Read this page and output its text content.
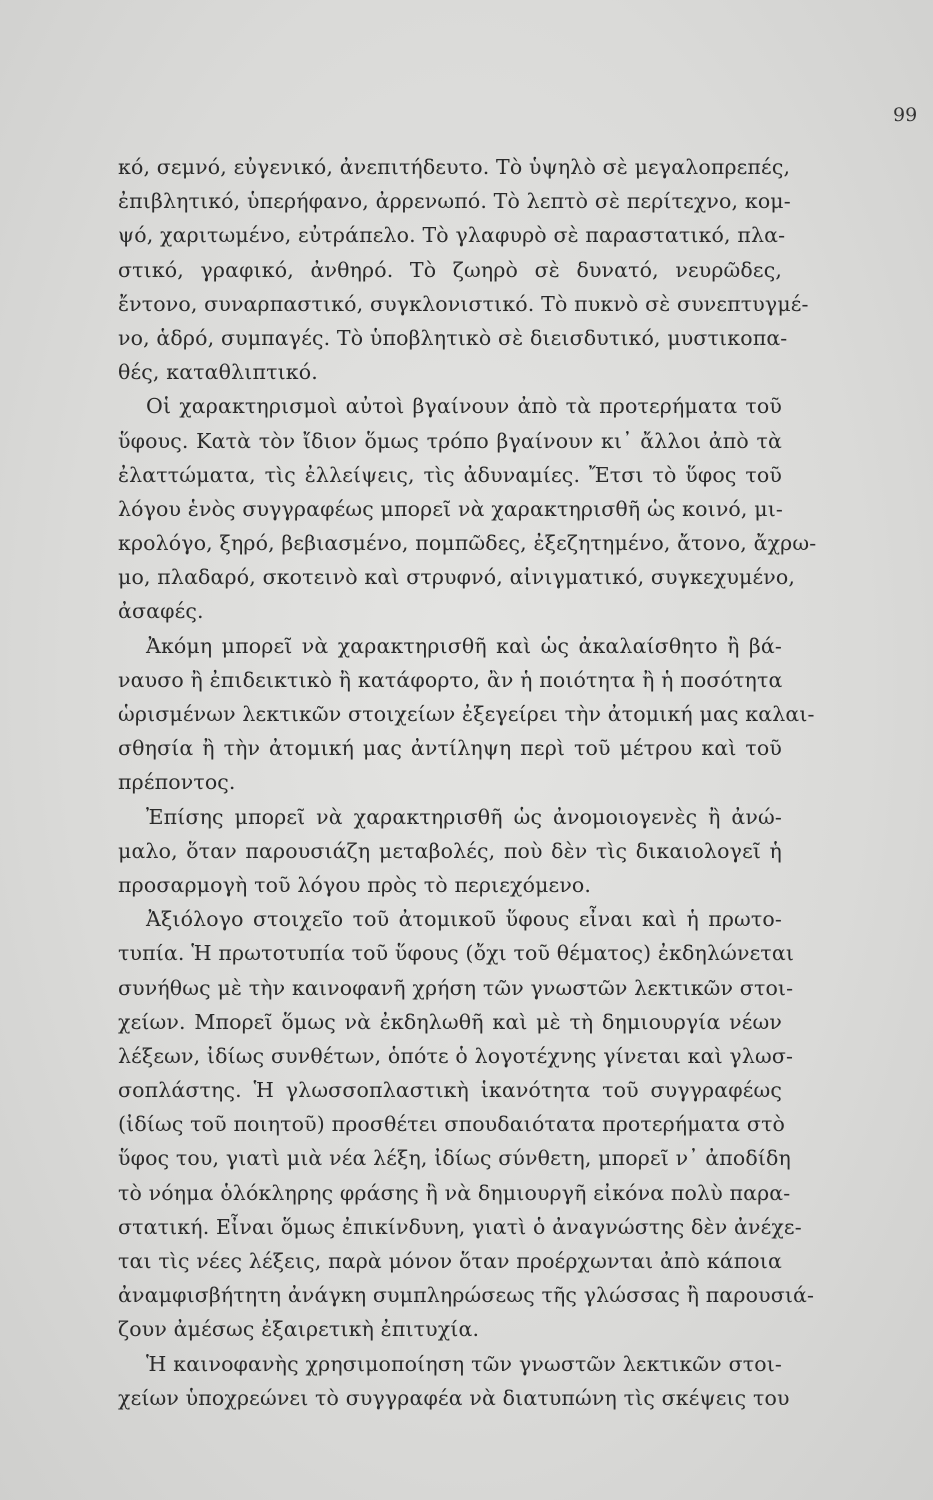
99
κό, σεμνό, εὐγενικό, ἀνεπιτήδευτο. Τὸ ὑψηλὸ σὲ μεγαλοπρεπές,
ἐπιβλητικό, ὑπερήφανο, ἀρρενωπό. Τὸ λεπτὸ σὲ περίτεχνο, κομ-
ψό, χαριτωμένο, εὐτράπελο. Τὸ γλαφυρὸ σὲ παραστατικό, πλα-
στικό, γραφικό, ἀνθηρό. Τὸ ζωηρὸ σὲ δυνατό, νευρῶδες,
ἔντονο, συναρπαστικό, συγκλονιστικό. Τὸ πυκνὸ σὲ συνεπτυγμέ-
νο, ἁδρό, συμπαγές. Τὸ ὑποβλητικὸ σὲ διεισδυτικό, μυστικοπα-
θές, καταθλιπτικό.
Οἱ χαρακτηρισμοὶ αὐτοὶ βγαίνουν ἀπὸ τὰ προτερήματα τοῦ
ὕφους. Κατὰ τὸν ἴδιον ὅμως τρόπο βγαίνουν κι᾽ ἄλλοι ἀπὸ τὰ
ἐλαττώματα, τὶς ἐλλείψεις, τὶς ἀδυναμίες. Ἔτσι τὸ ὕφος τοῦ
λόγου ἑνὸς συγγραφέως μπορεῖ νὰ χαρακτηρισθῆ ὡς κοινό, μι-
κρολόγο, ξηρό, βεβιασμένο, πομπῶδες, ἐξεζητημένο, ἄτονο, ἄχρω-
μο, πλαδαρό, σκοτεινὸ καὶ στρυφνό, αἰνιγματικό, συγκεχυμένο,
ἀσαφές.
Ἀκόμη μπορεῖ νὰ χαρακτηρισθῆ καὶ ὡς ἀκαλαίσθητο ἢ βά-
ναυσο ἢ ἐπιδεικτικὸ ἢ κατάφορτο, ἂν ἡ ποιότητα ἢ ἡ ποσότητα
ὡρισμένων λεκτικῶν στοιχείων ἐξεγείρει τὴν ἀτομική μας καλαι-
σθησία ἢ τὴν ἀτομική μας ἀντίληψη περὶ τοῦ μέτρου καὶ τοῦ
πρέποντος.
Ἐπίσης μπορεῖ νὰ χαρακτηρισθῆ ὡς ἀνομοιογενὲς ἢ ἀνώ-
μαλο, ὅταν παρουσιάζη μεταβολές, ποὺ δὲν τὶς δικαιολογεῖ ἡ
προσαρμογὴ τοῦ λόγου πρὸς τὸ περιεχόμενο.
Ἀξιόλογο στοιχεῖο τοῦ ἀτομικοῦ ὕφους εἶναι καὶ ἡ πρωτο-
τυπία. Ἡ πρωτοτυπία τοῦ ὕφους (ὄχι τοῦ θέματος) ἐκδηλώνεται
συνήθως μὲ τὴν καινοφανῆ χρήση τῶν γνωστῶν λεκτικῶν στοι-
χείων. Μπορεῖ ὅμως νὰ ἐκδηλωθῆ καὶ μὲ τὴ δημιουργία νέων
λέξεων, ἰδίως συνθέτων, ὁπότε ὁ λογοτέχνης γίνεται καὶ γλωσ-
σοπλάστης. Ἡ γλωσσοπλαστικὴ ἱκανότητα τοῦ συγγραφέως
(ἰδίως τοῦ ποιητοῦ) προσθέτει σπουδαιότατα προτερήματα στὸ
ὕφος του, γιατὶ μιὰ νέα λέξη, ἰδίως σύνθετη, μπορεῖ ν᾽ ἀποδίδη
τὸ νόημα ὁλόκληρης φράσης ἢ νὰ δημιουργῆ εἰκόνα πολὺ παρα-
στατική. Εἶναι ὅμως ἐπικίνδυνη, γιατὶ ὁ ἀναγνώστης δὲν ἀνέχε-
ται τὶς νέες λέξεις, παρὰ μόνον ὅταν προέρχωνται ἀπὸ κάποια
ἀναμφισβήτητη ἀνάγκη συμπληρώσεως τῆς γλώσσας ἢ παρουσιά-
ζουν ἀμέσως ἐξαιρετικὴ ἐπιτυχία.
Ἡ καινοφανὴς χρησιμοποίηση τῶν γνωστῶν λεκτικῶν στοι-
χείων ὑποχρεώνει τὸ συγγραφέα νὰ διατυπώνη τὶς σκέψεις του
